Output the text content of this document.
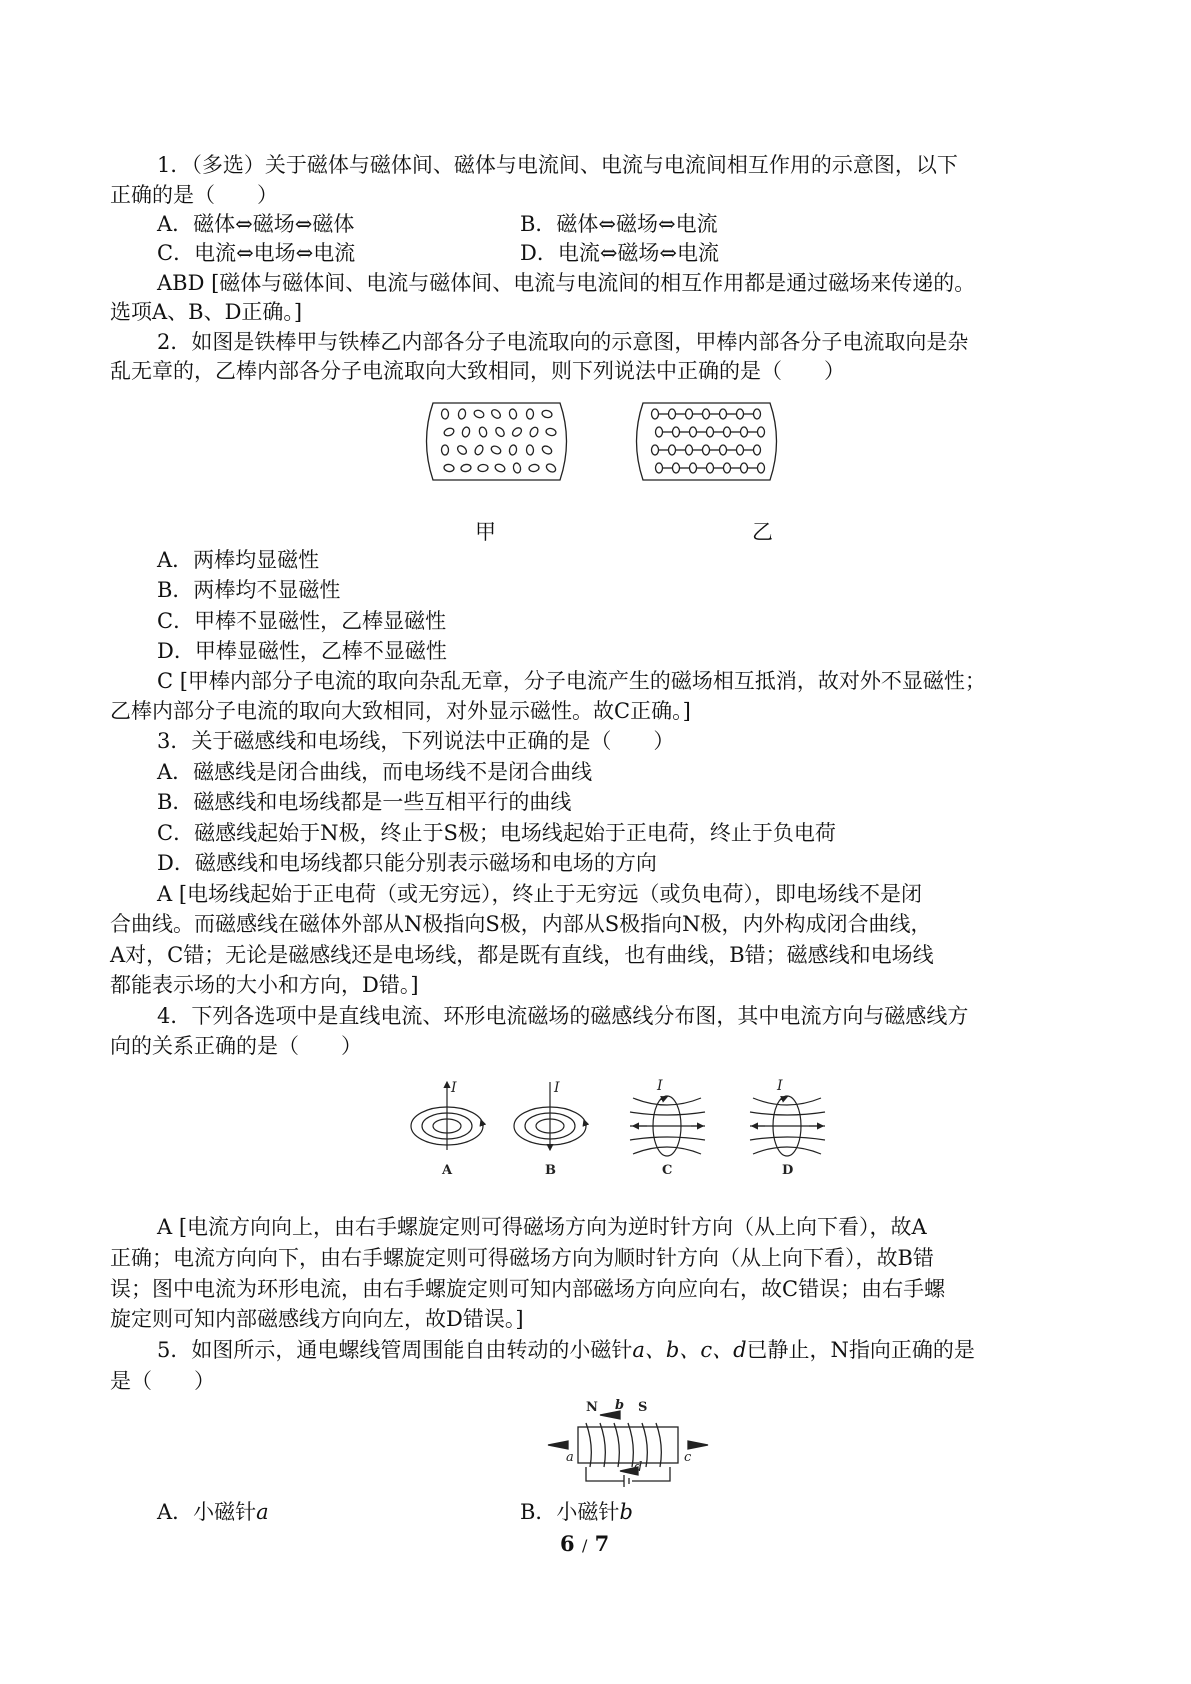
1．（多选）关于磁体与磁体间、磁体与电流间、电流与电流间相互作用的示意图，以下
正确的是（　　）
A．磁体⇔磁场⇔磁体	B．磁体⇔磁场⇔电流
C．电流⇔电场⇔电流	D．电流⇔磁场⇔电流
ABD [磁体与磁体间、电流与磁体间、电流与电流间的相互作用都是通过磁场来传递的。
选项A、B、D正确。]
2．如图是铁棒甲与铁棒乙内部各分子电流取向的示意图，甲棒内部各分子电流取向是杂
乱无章的，乙棒内部各分子电流取向大致相同，则下列说法中正确的是（　　）
甲	乙
A．两棒均显磁性
B．两棒均不显磁性
C．甲棒不显磁性，乙棒显磁性
D．甲棒显磁性，乙棒不显磁性
C [甲棒内部分子电流的取向杂乱无章，分子电流产生的磁场相互抵消，故对外不显磁性；
乙棒内部分子电流的取向大致相同，对外显示磁性。故C正确。]
3．关于磁感线和电场线，下列说法中正确的是（　　）
A．磁感线是闭合曲线，而电场线不是闭合曲线
B．磁感线和电场线都是一些互相平行的曲线
C．磁感线起始于N极，终止于S极；电场线起始于正电荷，终止于负电荷
D．磁感线和电场线都只能分别表示磁场和电场的方向
A [电场线起始于正电荷（或无穷远），终止于无穷远（或负电荷），即电场线不是闭
合曲线。而磁感线在磁体外部从N极指向S极，内部从S极指向N极，内外构成闭合曲线，
A对，C错；无论是磁感线还是电场线，都是既有直线，也有曲线，B错；磁感线和电场线
都能表示场的大小和方向，D错。]
4．下列各选项中是直线电流、环形电流磁场的磁感线分布图，其中电流方向与磁感线方
向的关系正确的是（　　）
I
A
I
B
I
C
I
D
A [电流方向向上，由右手螺旋定则可得磁场方向为逆时针方向（从上向下看），故A
正确；电流方向向下，由右手螺旋定则可得磁场方向为顺时针方向（从上向下看），故B错
误；图中电流为环形电流，由右手螺旋定则可知内部磁场方向应向右，故C错误；由右手螺
旋定则可知内部磁感线方向向左，故D错误。]
5．如图所示，通电螺线管周围能自由转动的小磁针a、b、c、d已静止，N指向正确的是
是（　　）
N b S
a	c
d
A．小磁针a	B．小磁针b
6 / 7
